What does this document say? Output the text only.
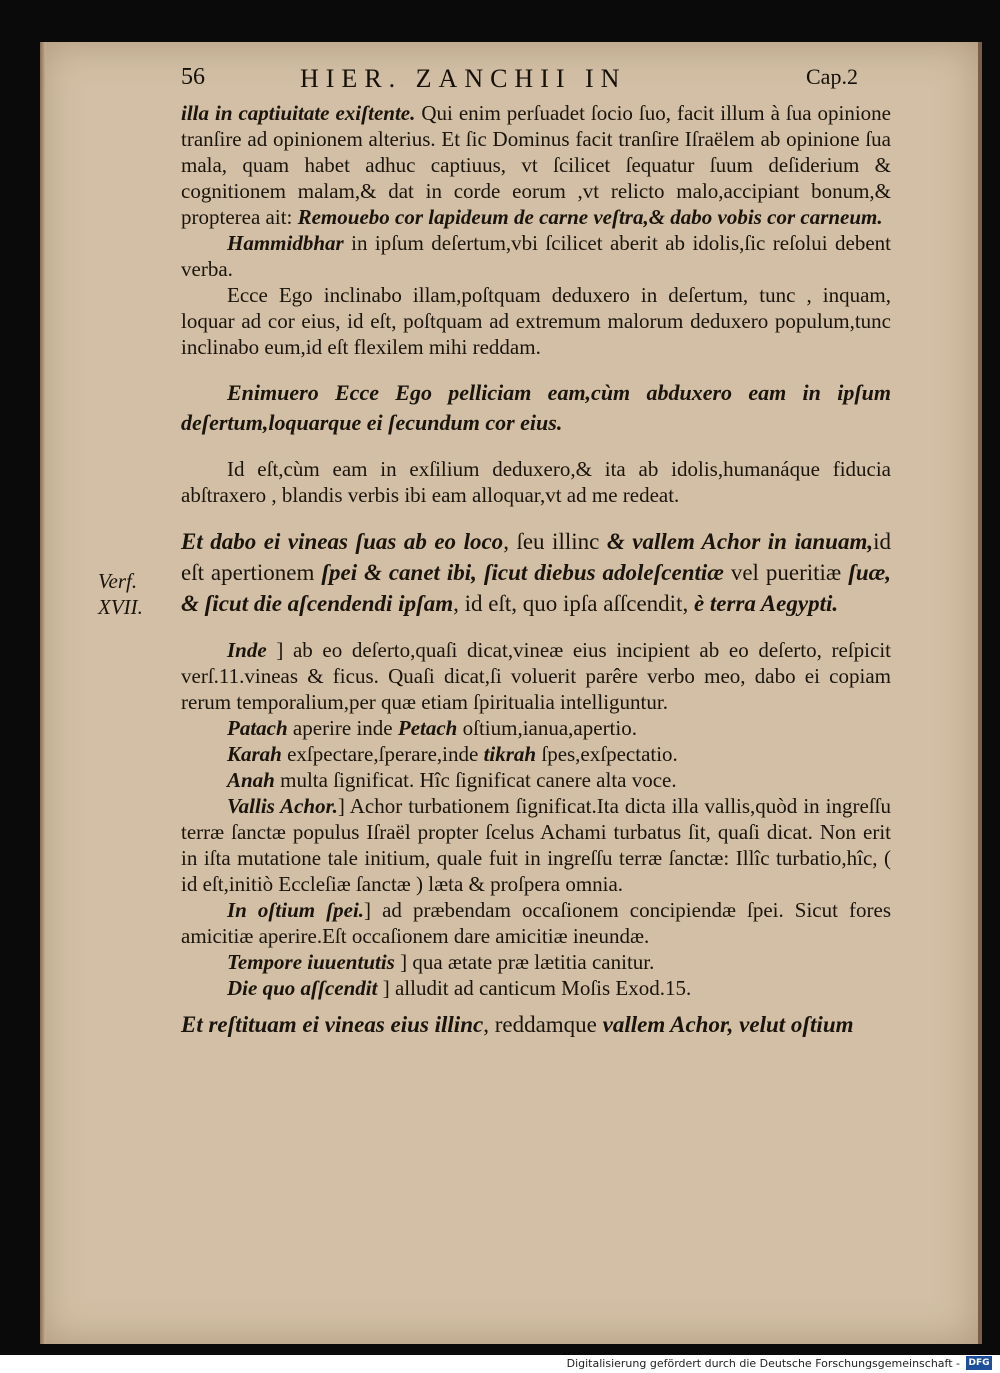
56	HIER. ZANCHII IN	Cap.2
Verf.
XVII.

illa in captiuitate exiſtente. Qui enim perſuadet ſocio ſuo, facit illum à ſua opinione tranſire ad opinionem alterius. Et ſic Dominus facit tranſire Iſraëlem ab opinione ſua mala, quam habet adhuc captiuus, vt ſcilicet ſequatur ſuum deſiderium & cognitionem malam,& dat in corde eorum ,vt relicto malo,accipiant bonum,& propterea ait: Remouebo cor lapideum de carne veſtra,& dabo vobis cor carneum.

Hammidbhar in ipſum deſertum,vbi ſcilicet aberit ab idolis,ſic reſolui debent verba.

Ecce Ego inclinabo illam,poſtquam deduxero in deſertum, tunc , inquam, loquar ad cor eius, id eſt, poſtquam ad extremum malorum deduxero populum,tunc inclinabo eum,id eſt flexilem mihi reddam.

Enimuero Ecce Ego pelliciam eam,cùm abduxero eam in ipſum deſertum,loquarque ei ſecundum cor eius.

Id eſt,cùm eam in exſilium deduxero,& ita ab idolis,humanáque fiducia abſtraxero , blandis verbis ibi eam alloquar,vt ad me redeat.

Et dabo ei vineas ſuas ab eo loco, ſeu illinc & vallem Achor in ianuam,id eſt apertionem ſpei & canet ibi, ſicut diebus adoleſcentiæ vel pueritiæ ſuæ, & ſicut die aſcendendi ipſam, id eſt, quo ipſa aſſcendit, è terra Aegypti.

Inde ] ab eo deſerto,quaſi dicat,vineæ eius incipient ab eo deſerto, reſpicit verſ.11.vineas & ficus. Quaſi dicat,ſi voluerit parêre verbo meo, dabo ei copiam rerum temporalium,per quæ etiam ſpiritualia intelliguntur.

Patach aperire inde Petach oſtium,ianua,apertio.

Karah exſpectare,ſperare,inde tikrah ſpes,exſpectatio.

Anah multa ſignificat. Hîc ſignificat canere alta voce.

Vallis Achor.] Achor turbationem ſignificat.Ita dicta illa vallis,quòd in ingreſſu terræ ſanctæ populus Iſraël propter ſcelus Achami turbatus ſit, quaſi dicat. Non erit in iſta mutatione tale initium, quale fuit in ingreſſu terræ ſanctæ: Illîc turbatio,hîc, ( id eſt,initiò Eccleſiæ ſanctæ ) læta & proſpera omnia.

In oſtium ſpei.] ad præbendam occaſionem concipiendæ ſpei. Sicut fores amicitiæ aperire.Eſt occaſionem dare amicitiæ ineundæ.

Tempore iuuentutis ] qua ætate præ lætitia canitur.

Die quo aſſcendit ] alludit ad canticum Moſis Exod.15.

Et reſtituam ei vineas eius illinc, reddamque vallem Achor, velut oſtium

Digitalisierung gefördert durch die Deutsche Forschungsgemeinschaft - DFG
